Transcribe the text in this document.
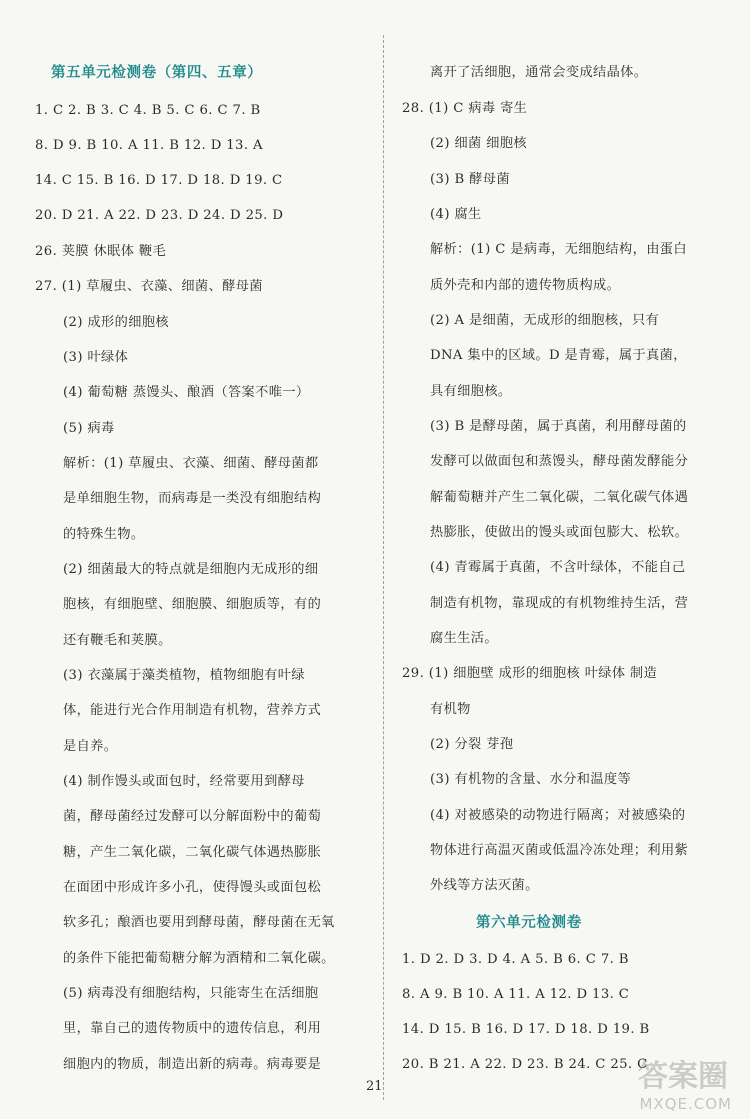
第五单元检测卷（第四、五章）
1. C 2. B 3. C 4. B 5. C 6. C 7. B
8. D 9. B 10. A 11. B 12. D 13. A
14. C 15. B 16. D 17. D 18. D 19. C
20. D 21. A 22. D 23. D 24. D 25. D
26. 荚膜 休眠体 鞭毛
27. (1) 草履虫、衣藻、细菌、酵母菌
(2) 成形的细胞核
(3) 叶绿体
(4) 葡萄糖 蒸馒头、酿酒（答案不唯一）
(5) 病毒
解析：(1) 草履虫、衣藻、细菌、酵母菌都
是单细胞生物，而病毒是一类没有细胞结构
的特殊生物。
(2) 细菌最大的特点就是细胞内无成形的细
胞核，有细胞壁、细胞膜、细胞质等，有的
还有鞭毛和荚膜。
(3) 衣藻属于藻类植物，植物细胞有叶绿
体，能进行光合作用制造有机物，营养方式
是自养。
(4) 制作馒头或面包时，经常要用到酵母
菌，酵母菌经过发酵可以分解面粉中的葡萄
糖，产生二氧化碳，二氧化碳气体遇热膨胀
在面团中形成许多小孔，使得馒头或面包松
软多孔；酿酒也要用到酵母菌，酵母菌在无氧
的条件下能把葡萄糖分解为酒精和二氧化碳。
(5) 病毒没有细胞结构，只能寄生在活细胞
里，靠自己的遗传物质中的遗传信息，利用
细胞内的物质，制造出新的病毒。病毒要是
离开了活细胞，通常会变成结晶体。
28. (1) C 病毒 寄生
(2) 细菌 细胞核
(3) B 酵母菌
(4) 腐生
解析：(1) C 是病毒，无细胞结构，由蛋白
质外壳和内部的遗传物质构成。
(2) A 是细菌，无成形的细胞核，只有
DNA 集中的区域。D 是青霉，属于真菌，
具有细胞核。
(3) B 是酵母菌，属于真菌，利用酵母菌的
发酵可以做面包和蒸馒头，酵母菌发酵能分
解葡萄糖并产生二氧化碳，二氧化碳气体遇
热膨胀，使做出的馒头或面包膨大、松软。
(4) 青霉属于真菌，不含叶绿体，不能自己
制造有机物，靠现成的有机物维持生活，营
腐生生活。
29. (1) 细胞壁 成形的细胞核 叶绿体 制造
有机物
(2) 分裂 芽孢
(3) 有机物的含量、水分和温度等
(4) 对被感染的动物进行隔离；对被感染的
物体进行高温灭菌或低温冷冻处理；利用紫
外线等方法灭菌。
第六单元检测卷
1. D 2. D 3. D 4. A 5. B 6. C 7. B
8. A 9. B 10. A 11. A 12. D 13. C
14. D 15. B 16. D 17. D 18. D 19. B
20. B 21. A 22. D 23. B 24. C 25. C
21	答案圈
MXQE.COM
